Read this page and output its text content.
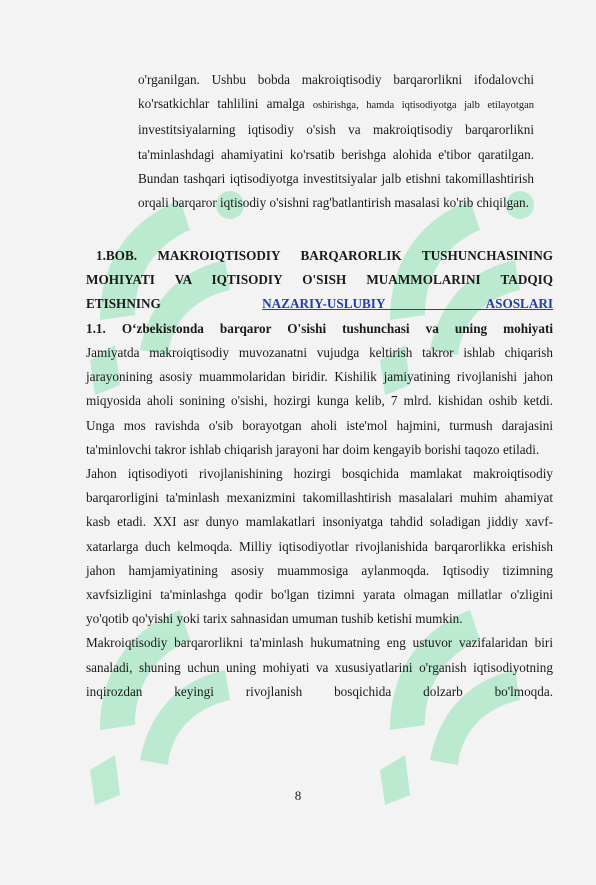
o'rganilgan. Ushbu bobda makroiqtisodiy barqarorlikni ifodalovchi ko'rsatkichlar tahlilini amalga oshirishga, hamda iqtisodiyotga jalb etilayotgan investitsiyalarning iqtisodiy o'sish va makroiqtisodiy barqarorlikni ta'minlashdagi ahamiyatini ko'rsatib berishga alohida e'tibor qaratilgan. Bundan tashqari iqtisodiyotga investitsiyalar jalb etishni takomillashtirish orqali barqaror iqtisodiy o'sishni rag'batlantirish masalasi ko'rib chiqilgan.
1.BOB. MAKROIQTISODIY BARQARORLIK TUSHUNCHASINING
MOHIYATI VA IQTISODIY O'SISH MUAMMOLARINI TADQIQ
ETISHNING	NAZARIY-USLUBIY ASOSLARI
1.1. O‘zbekistonda barqaror O'sishi tushunchasi va uning mohiyati

Jamiyatda makroiqtisodiy muvozanatni vujudga keltirish takror ishlab chiqarish jarayonining asosiy muammolaridan biridir. Kishilik jamiyatining rivojlanishi jahon miqyosida aholi sonining o'sishi, hozirgi kunga kelib, 7 mlrd. kishidan oshib ketdi. Unga mos ravishda o'sib borayotgan aholi iste'mol hajmini, turmush darajasini ta'minlovchi takror ishlab chiqarish jarayoni har doim kengayib borishi taqozo etiladi.

Jahon iqtisodiyoti rivojlanishining hozirgi bosqichida mamlakat makroiqtisodiy barqarorligini ta'minlash mexanizmini takomillashtirish masalalari muhim ahamiyat kasb etadi. XXI asr dunyo mamlakatlari insoniyatga tahdid soladigan jiddiy xavf-xatarlarga duch kelmoqda. Milliy iqtisodiyotlar rivojlanishida barqarorlikka erishish jahon hamjamiyatining asosiy muammosiga aylanmoqda. Iqtisodiy tizimning xavfsizligini ta'minlashga qodir bo'lgan tizimni yarata olmagan millatlar o'zligini yo'qotib qo'yishi yoki tarix sahnasidan umuman tushib ketishi mumkin.

Makroiqtisodiy barqarorlikni ta'minlash hukumatning eng ustuvor vazifalaridan biri sanaladi, shuning uchun uning mohiyati va xususiyatlarini o'rganish iqtisodiyotning inqirozdan keyingi rivojlanish bosqichida dolzarb bo'lmoqda.

8
